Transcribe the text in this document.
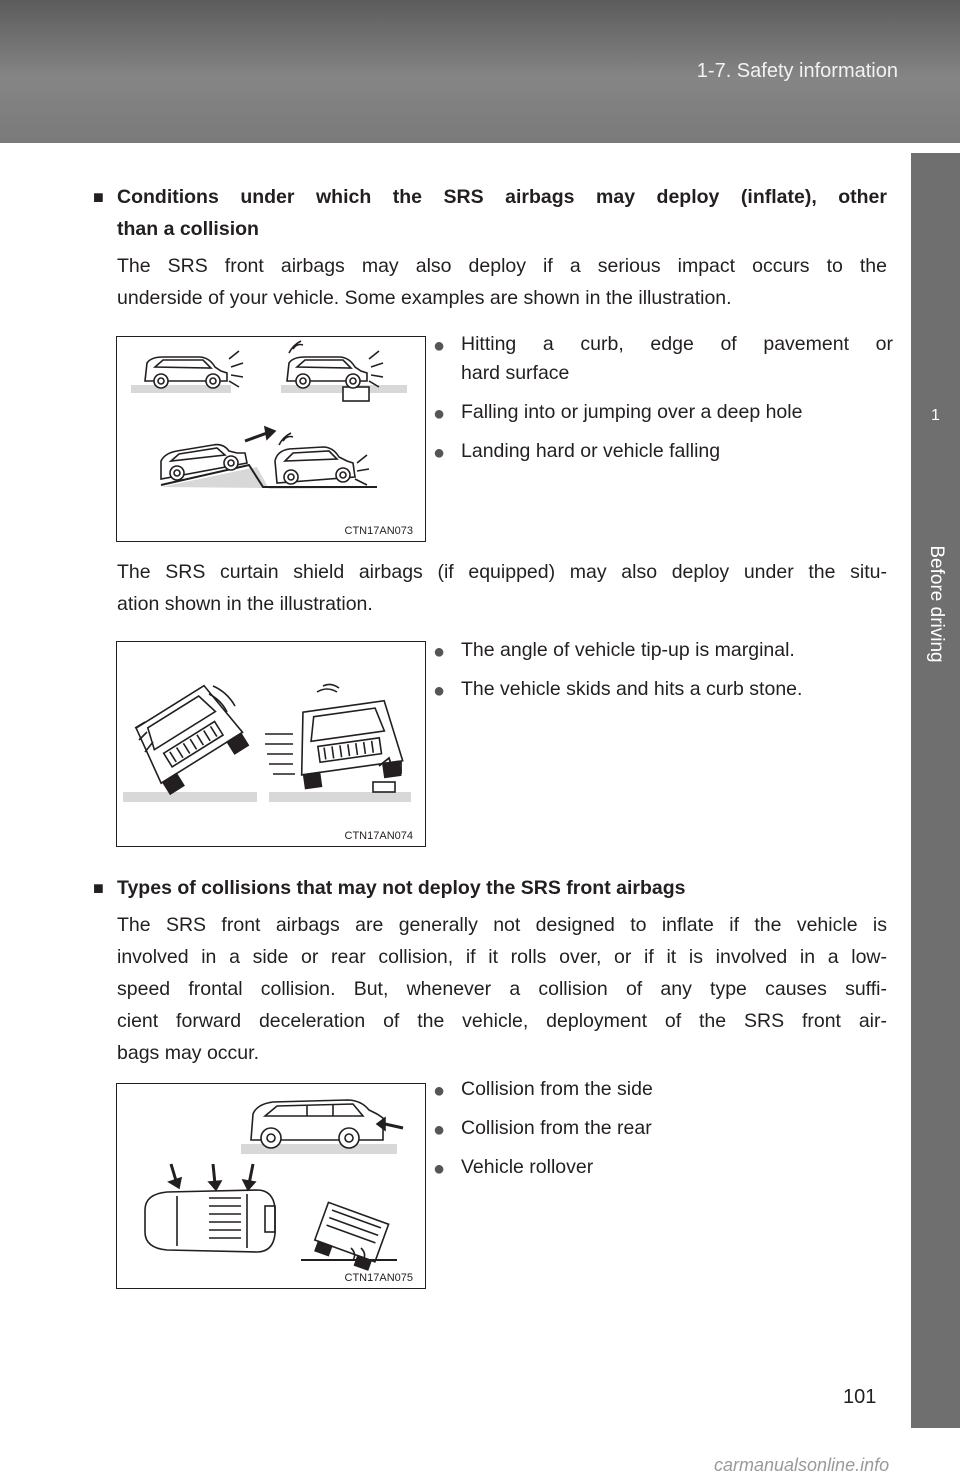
1-7. Safety information
1
Before driving
■ Conditions under which the SRS airbags may deploy (inflate), other
than a collision
The SRS front airbags may also deploy if a serious impact occurs to the
underside of your vehicle. Some examples are shown in the illustration.
CTN17AN073
● Hitting a curb, edge of pavement or
hard surface
● Falling into or jumping over a deep hole
● Landing hard or vehicle falling
The SRS curtain shield airbags (if equipped) may also deploy under the situ-
ation shown in the illustration.
CTN17AN074
● The angle of vehicle tip-up is marginal.
● The vehicle skids and hits a curb stone.
■ Types of collisions that may not deploy the SRS front airbags
The SRS front airbags are generally not designed to inflate if the vehicle is
involved in a side or rear collision, if it rolls over, or if it is involved in a low-
speed frontal collision. But, whenever a collision of any type causes suffi-
cient forward deceleration of the vehicle, deployment of the SRS front air-
bags may occur.
CTN17AN075
● Collision from the side
● Collision from the rear
● Vehicle rollover
101
carmanualsonline.info
